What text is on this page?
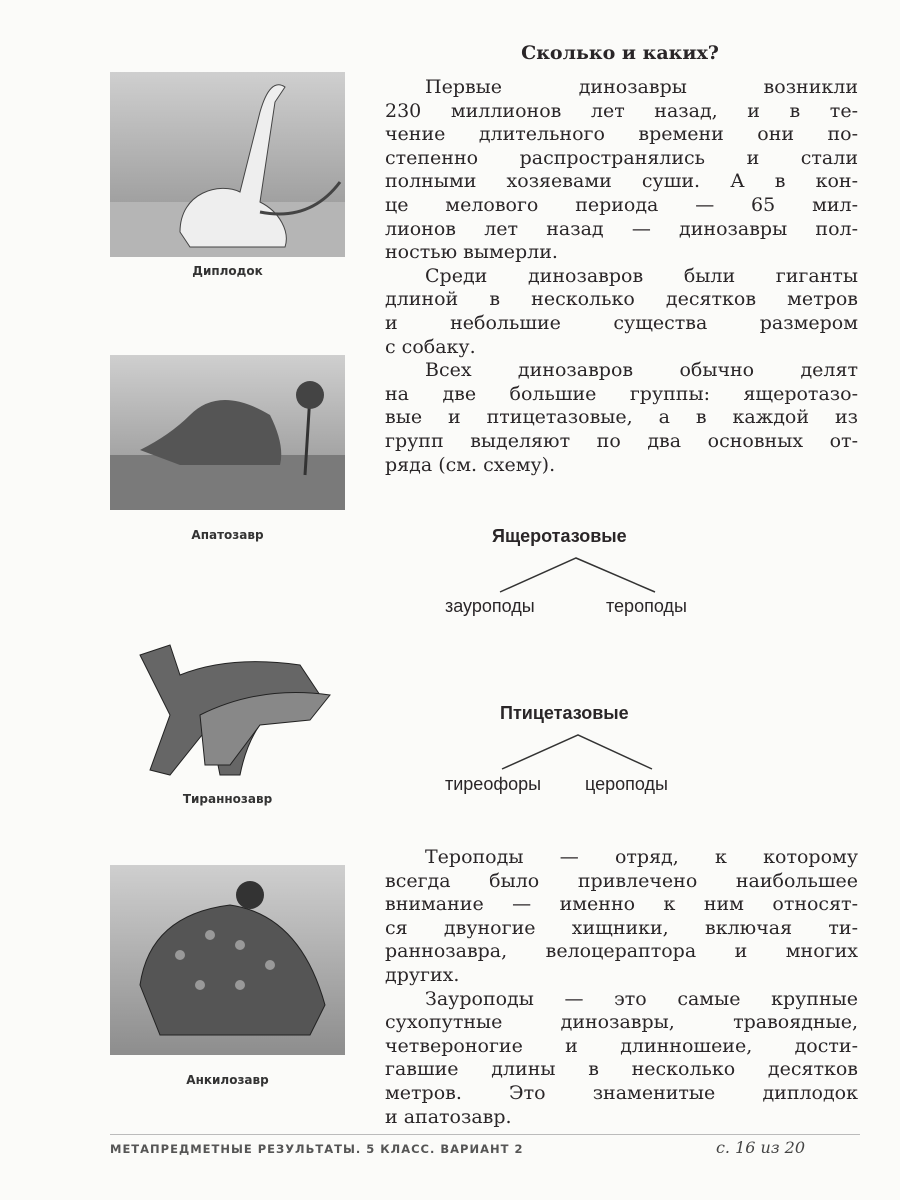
Сколько и каких?
Первые динозавры возникли
230 миллионов лет назад, и в те-
чение длительного времени они по-
степенно распространялись и стали
полными хозяевами суши. А в кон-
це мелового периода — 65 мил-
лионов лет назад — динозавры пол-
ностью вымерли.
Среди динозавров были гиганты
длиной в несколько десятков метров
и небольшие существа размером
с собаку.
Всех динозавров обычно делят
на две большие группы: ящеротазо-
вые и птицетазовые, а в каждой из
групп выделяют по два основных от-
ряда (см. схему).
Тероподы — отряд, к которому
всегда было привлечено наибольшее
внимание — именно к ним относят-
ся двуногие хищники, включая ти-
раннозавра, велоцераптора и многих
других.
Зауроподы — это самые крупные
сухопутные динозавры, травоядные,
четвероногие и длинношеие, дости-
гавшие длины в несколько десятков
метров. Это знаменитые диплодок
и апатозавр.
Диплодок
Апатозавр
Тираннозавр
Анкилозавр
Ящеротазовые
зауроподы	тероподы
Птицетазовые
тиреофоры цероподы
МЕТАПРЕДМЕТНЫЕ РЕЗУЛЬТАТЫ. 5 КЛАСС. ВАРИАНТ 2	с. 16 из 20
